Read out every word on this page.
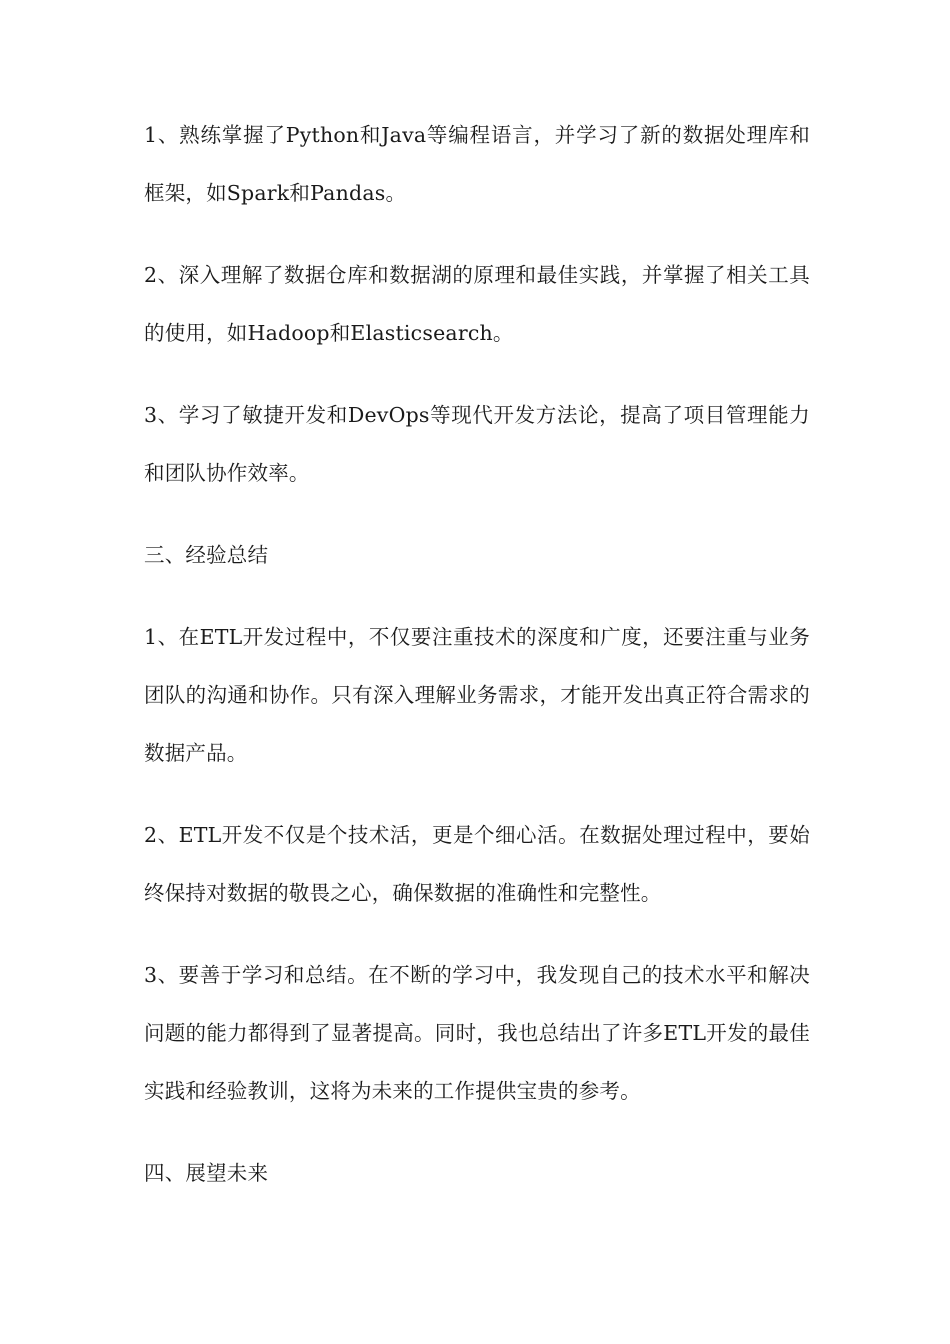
1、熟练掌握了Python和Java等编程语言，并学习了新的数据处理库和框架，如Spark和Pandas。

2、深入理解了数据仓库和数据湖的原理和最佳实践，并掌握了相关工具的使用，如Hadoop和Elasticsearch。

3、学习了敏捷开发和DevOps等现代开发方法论，提高了项目管理能力和团队协作效率。

三、经验总结

1、在ETL开发过程中，不仅要注重技术的深度和广度，还要注重与业务团队的沟通和协作。只有深入理解业务需求，才能开发出真正符合需求的数据产品。

2、ETL开发不仅是个技术活，更是个细心活。在数据处理过程中，要始终保持对数据的敬畏之心，确保数据的准确性和完整性。

3、要善于学习和总结。在不断的学习中，我发现自己的技术水平和解决问题的能力都得到了显著提高。同时，我也总结出了许多ETL开发的最佳实践和经验教训，这将为未来的工作提供宝贵的参考。

四、展望未来
